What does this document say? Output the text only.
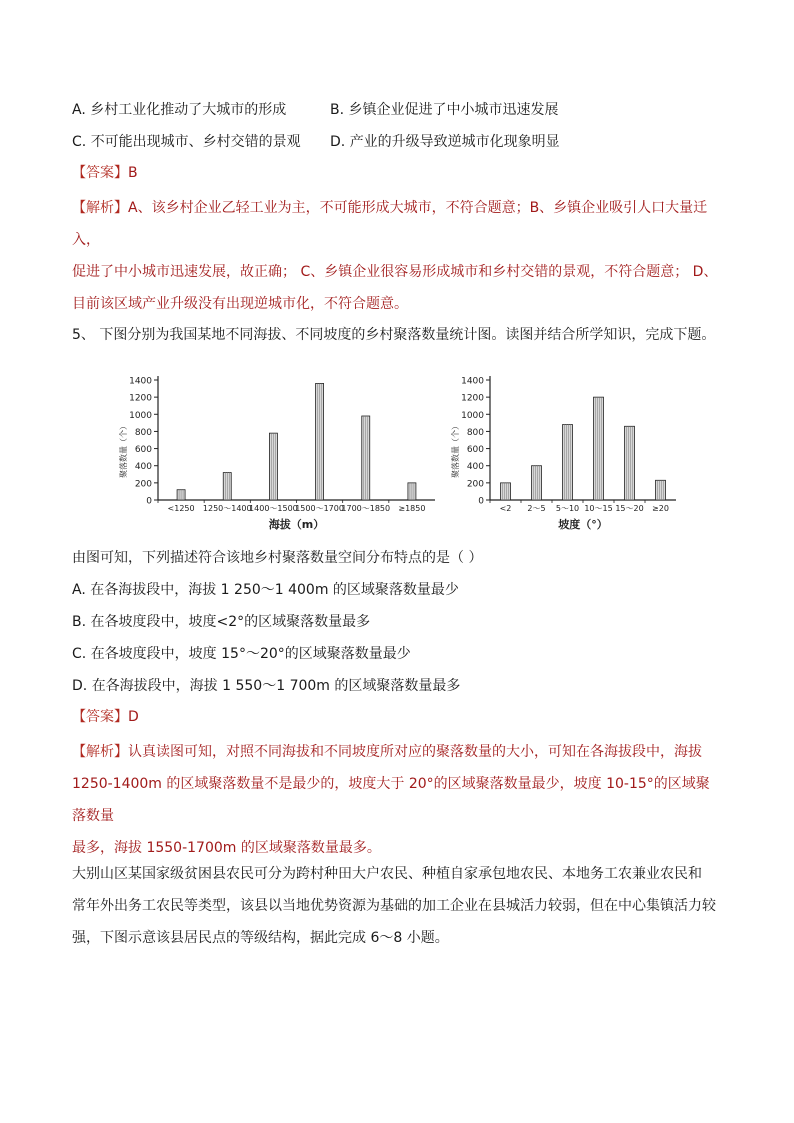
A. 乡村工业化推动了大城市的形成	B. 乡镇企业促进了中小城市迅速发展
C. 不可能出现城市、乡村交错的景观 D. 产业的升级导致逆城市化现象明显
【答案】B
【解析】A、该乡村企业乙轻工业为主，不可能形成大城市，不符合题意；B、乡镇企业吸引人口大量迁入，
促进了中小城市迅速发展，故正确； C、乡镇企业很容易形成城市和乡村交错的景观，不符合题意； D、
目前该区域产业升级没有出现逆城市化，不符合题意。
5、 下图分别为我国某地不同海拔、不同坡度的乡村聚落数量统计图。读图并结合所学知识，完成下题。
0
200
400
600
800
1000
1200
1400
<1250 1250～1400
1400～1500
1500～1700
1700～1850 ≥1850
海拔（m）
聚落数量（个）
0
200
400
600
800
1000
1200
1400
<2 2～5 5～10 10～15 15～20 ≥20
坡度（°）
聚落数量（个）
由图可知，下列描述符合该地乡村聚落数量空间分布特点的是（ ）
A. 在各海拔段中，海拔 1 250～1 400m 的区域聚落数量最少
B. 在各坡度段中，坡度<2°的区域聚落数量最多
C. 在各坡度段中，坡度 15°～20°的区域聚落数量最少
D. 在各海拔段中，海拔 1 550～1 700m 的区域聚落数量最多
【答案】D
【解析】认真读图可知，对照不同海拔和不同坡度所对应的聚落数量的大小，可知在各海拔段中，海拔
1250-1400m 的区域聚落数量不是最少的，坡度大于 20°的区域聚落数量最少，坡度 10-15°的区域聚落数量
最多，海拔 1550-1700m 的区域聚落数量最多。
大别山区某国家级贫困县农民可分为跨村种田大户农民、种植自家承包地农民、本地务工农兼业农民和
常年外出务工农民等类型，该县以当地优势资源为基础的加工企业在县城活力较弱，但在中心集镇活力较
强，下图示意该县居民点的等级结构，据此完成 6～8 小题。
